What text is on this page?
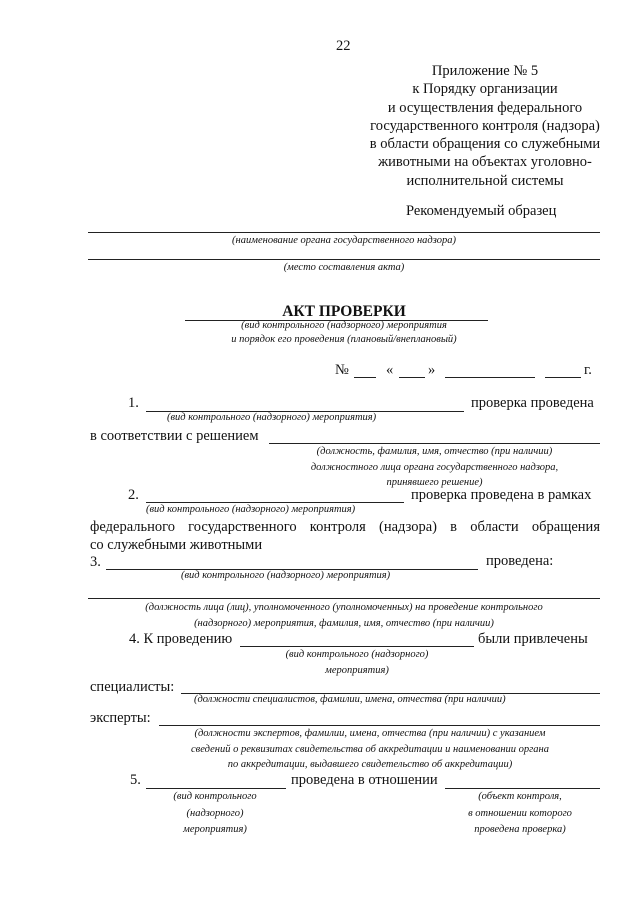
22
Приложение № 5
к Порядку организации
и осуществления федерального
государственного контроля (надзора)
в области обращения со служебными
животными на объектах уголовно-
исполнительной системы
Рекомендуемый образец
(наименование органа государственного надзора)
(место составления акта)
АКТ ПРОВЕРКИ
(вид контрольного (надзорного) мероприятия
и порядок его проведения (плановый/внеплановый)
№	« »	г.
1.	проверка проведена
(вид контрольного (надзорного) мероприятия)
в соответствии с решением
(должность, фамилия, имя, отчество (при наличии)
должностного лица органа государственного надзора,
принявшего решение)
2.	проверка проведена в рамках
(вид контрольного (надзорного) мероприятия)
федерального государственного контроля (надзора) в области обращения
со служебными животными
3.	проведена:
(вид контрольного (надзорного) мероприятия)
(должность лица (лиц), уполномоченного (уполномоченных) на проведение контрольного
(надзорного) мероприятия, фамилия, имя, отчество (при наличии)
4. К проведению	были привлечены
(вид контрольного (надзорного)
мероприятия)
специалисты:
(должности специалистов, фамилии, имена, отчества (при наличии)
эксперты:
(должности экспертов, фамилии, имена, отчества (при наличии) с указанием
сведений о реквизитах свидетельства об аккредитации и наименовании органа
по аккредитации, выдавшего свидетельство об аккредитации)
5.	проведена в отношении
(вид контрольного
(надзорного)
мероприятия)
(объект контроля,
в отношении которого
проведена проверка)
